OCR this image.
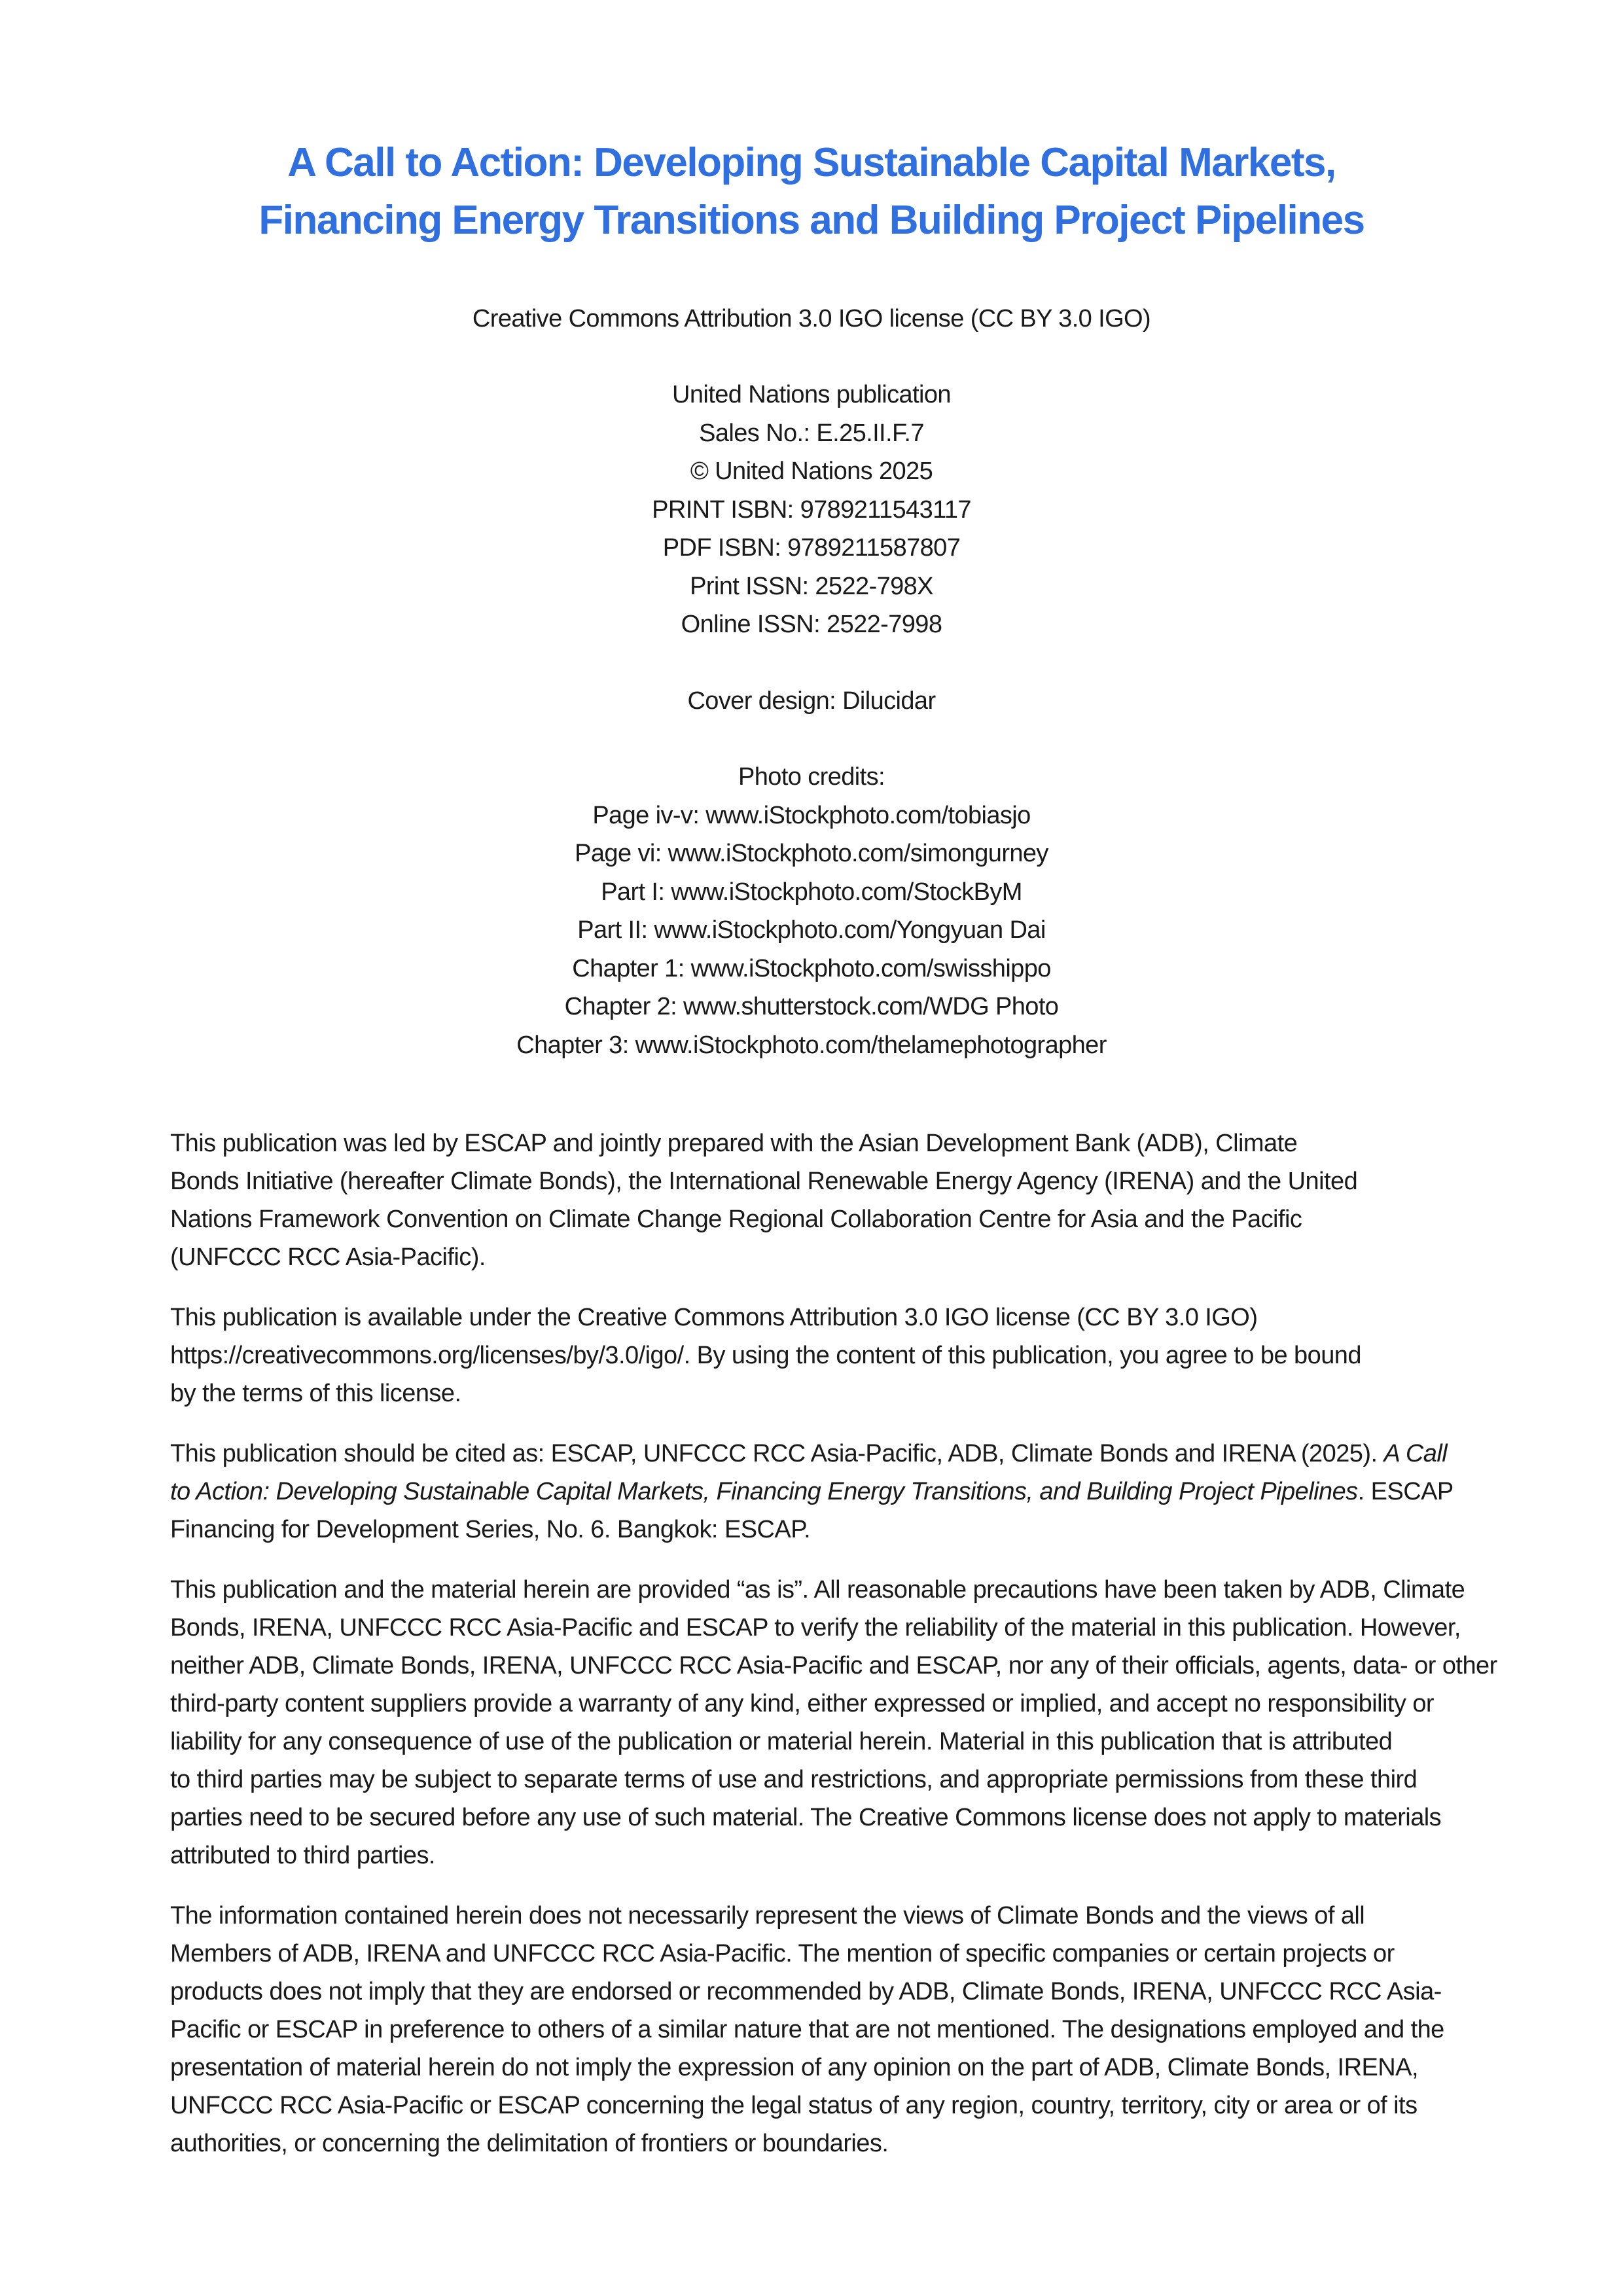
A Call to Action: Developing Sustainable Capital Markets,
Financing Energy Transitions and Building Project Pipelines
Creative Commons Attribution 3.0 IGO license (CC BY 3.0 IGO)
United Nations publication
Sales No.: E.25.II.F.7
© United Nations 2025
PRINT ISBN: 9789211543117
PDF ISBN: 9789211587807
Print ISSN: 2522-798X
Online ISSN: 2522-7998
Cover design: Dilucidar
Photo credits:
Page iv-v: www.iStockphoto.com/tobiasjo
Page vi: www.iStockphoto.com/simongurney
Part I: www.iStockphoto.com/StockByM
Part II: www.iStockphoto.com/Yongyuan Dai
Chapter 1: www.iStockphoto.com/swisshippo
Chapter 2: www.shutterstock.com/WDG Photo
Chapter 3: www.iStockphoto.com/thelamephotographer

This publication was led by ESCAP and jointly prepared with the Asian Development Bank (ADB), Climate
Bonds Initiative (hereafter Climate Bonds), the International Renewable Energy Agency (IRENA) and the United
Nations Framework Convention on Climate Change Regional Collaboration Centre for Asia and the Pacific
(UNFCCC RCC Asia-Pacific).

This publication is available under the Creative Commons Attribution 3.0 IGO license (CC BY 3.0 IGO)
https://creativecommons.org/licenses/by/3.0/igo/. By using the content of this publication, you agree to be bound
by the terms of this license.

This publication should be cited as: ESCAP, UNFCCC RCC Asia-Pacific, ADB, Climate Bonds and IRENA (2025). A Call to Action: Developing Sustainable Capital Markets, Financing Energy Transitions, and Building Project Pipelines. ESCAP Financing for Development Series, No. 6. Bangkok: ESCAP.

This publication and the material herein are provided “as is”. All reasonable precautions have been taken by ADB, Climate
Bonds, IRENA, UNFCCC RCC Asia-Pacific and ESCAP to verify the reliability of the material in this publication. However,
neither ADB, Climate Bonds, IRENA, UNFCCC RCC Asia-Pacific and ESCAP, nor any of their officials, agents, data- or other
third-party content suppliers provide a warranty of any kind, either expressed or implied, and accept no responsibility or
liability for any consequence of use of the publication or material herein. Material in this publication that is attributed
to third parties may be subject to separate terms of use and restrictions, and appropriate permissions from these third
parties need to be secured before any use of such material. The Creative Commons license does not apply to materials
attributed to third parties.

The information contained herein does not necessarily represent the views of Climate Bonds and the views of all
Members of ADB, IRENA and UNFCCC RCC Asia-Pacific. The mention of specific companies or certain projects or
products does not imply that they are endorsed or recommended by ADB, Climate Bonds, IRENA, UNFCCC RCC Asia-
Pacific or ESCAP in preference to others of a similar nature that are not mentioned. The designations employed and the
presentation of material herein do not imply the expression of any opinion on the part of ADB, Climate Bonds, IRENA,
UNFCCC RCC Asia-Pacific or ESCAP concerning the legal status of any region, country, territory, city or area or of its
authorities, or concerning the delimitation of frontiers or boundaries.
